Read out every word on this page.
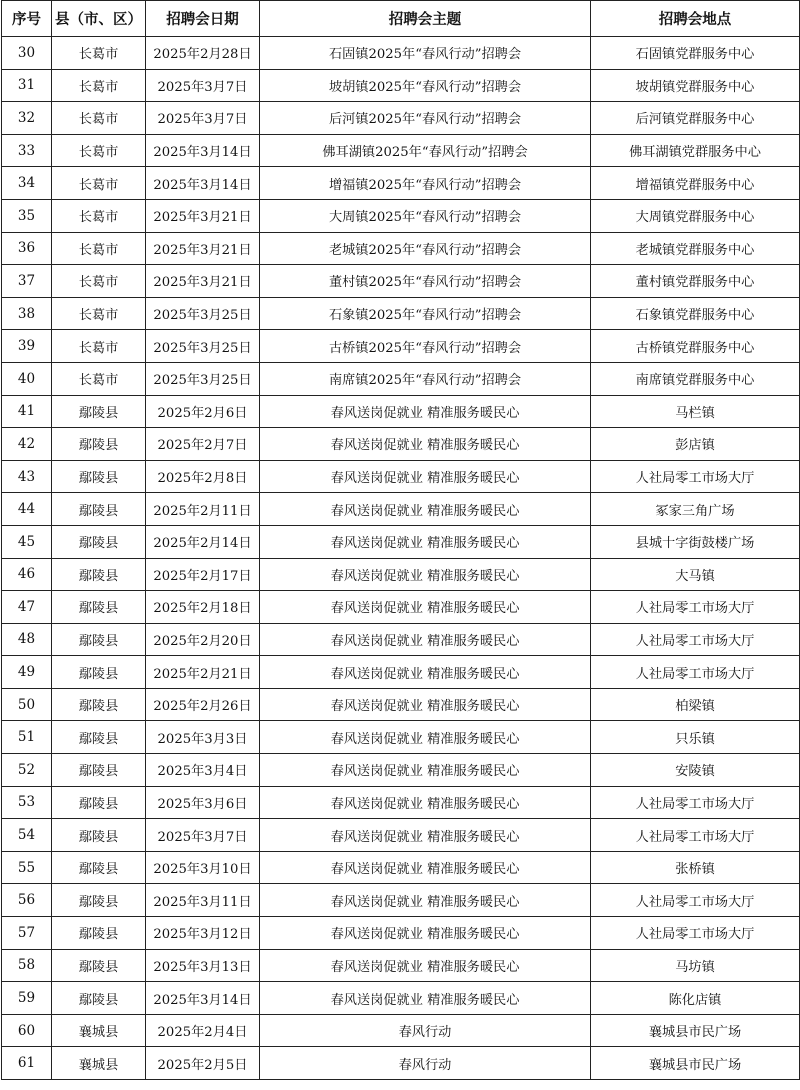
序号	县（市、区）	招聘会日期	招聘会主题	招聘会地点
30	长葛市	2025年2月28日	石固镇2025年“春风行动”招聘会	石固镇党群服务中心
31	长葛市	2025年3月7日	坡胡镇2025年“春风行动”招聘会	坡胡镇党群服务中心
32	长葛市	2025年3月7日	后河镇2025年“春风行动”招聘会	后河镇党群服务中心
33	长葛市	2025年3月14日	佛耳湖镇2025年“春风行动”招聘会	佛耳湖镇党群服务中心
34	长葛市	2025年3月14日	增福镇2025年“春风行动”招聘会	增福镇党群服务中心
35	长葛市	2025年3月21日	大周镇2025年“春风行动”招聘会	大周镇党群服务中心
36	长葛市	2025年3月21日	老城镇2025年“春风行动”招聘会	老城镇党群服务中心
37	长葛市	2025年3月21日	董村镇2025年“春风行动”招聘会	董村镇党群服务中心
38	长葛市	2025年3月25日	石象镇2025年“春风行动”招聘会	石象镇党群服务中心
39	长葛市	2025年3月25日	古桥镇2025年“春风行动”招聘会	古桥镇党群服务中心
40	长葛市	2025年3月25日	南席镇2025年“春风行动”招聘会	南席镇党群服务中心
41	鄢陵县	2025年2月6日	春风送岗促就业 精准服务暖民心	马栏镇
42	鄢陵县	2025年2月7日	春风送岗促就业 精准服务暖民心	彭店镇
43	鄢陵县	2025年2月8日	春风送岗促就业 精准服务暖民心	人社局零工市场大厅
44	鄢陵县	2025年2月11日	春风送岗促就业 精准服务暖民心	冢家三角广场
45	鄢陵县	2025年2月14日	春风送岗促就业 精准服务暖民心	县城十字街鼓楼广场
46	鄢陵县	2025年2月17日	春风送岗促就业 精准服务暖民心	大马镇
47	鄢陵县	2025年2月18日	春风送岗促就业 精准服务暖民心	人社局零工市场大厅
48	鄢陵县	2025年2月20日	春风送岗促就业 精准服务暖民心	人社局零工市场大厅
49	鄢陵县	2025年2月21日	春风送岗促就业 精准服务暖民心	人社局零工市场大厅
50	鄢陵县	2025年2月26日	春风送岗促就业 精准服务暖民心	柏梁镇
51	鄢陵县	2025年3月3日	春风送岗促就业 精准服务暖民心	只乐镇
52	鄢陵县	2025年3月4日	春风送岗促就业 精准服务暖民心	安陵镇
53	鄢陵县	2025年3月6日	春风送岗促就业 精准服务暖民心	人社局零工市场大厅
54	鄢陵县	2025年3月7日	春风送岗促就业 精准服务暖民心	人社局零工市场大厅
55	鄢陵县	2025年3月10日	春风送岗促就业 精准服务暖民心	张桥镇
56	鄢陵县	2025年3月11日	春风送岗促就业 精准服务暖民心	人社局零工市场大厅
57	鄢陵县	2025年3月12日	春风送岗促就业 精准服务暖民心	人社局零工市场大厅
58	鄢陵县	2025年3月13日	春风送岗促就业 精准服务暖民心	马坊镇
59	鄢陵县	2025年3月14日	春风送岗促就业 精准服务暖民心	陈化店镇
60	襄城县	2025年2月4日	春风行动	襄城县市民广场
61	襄城县	2025年2月5日	春风行动	襄城县市民广场
